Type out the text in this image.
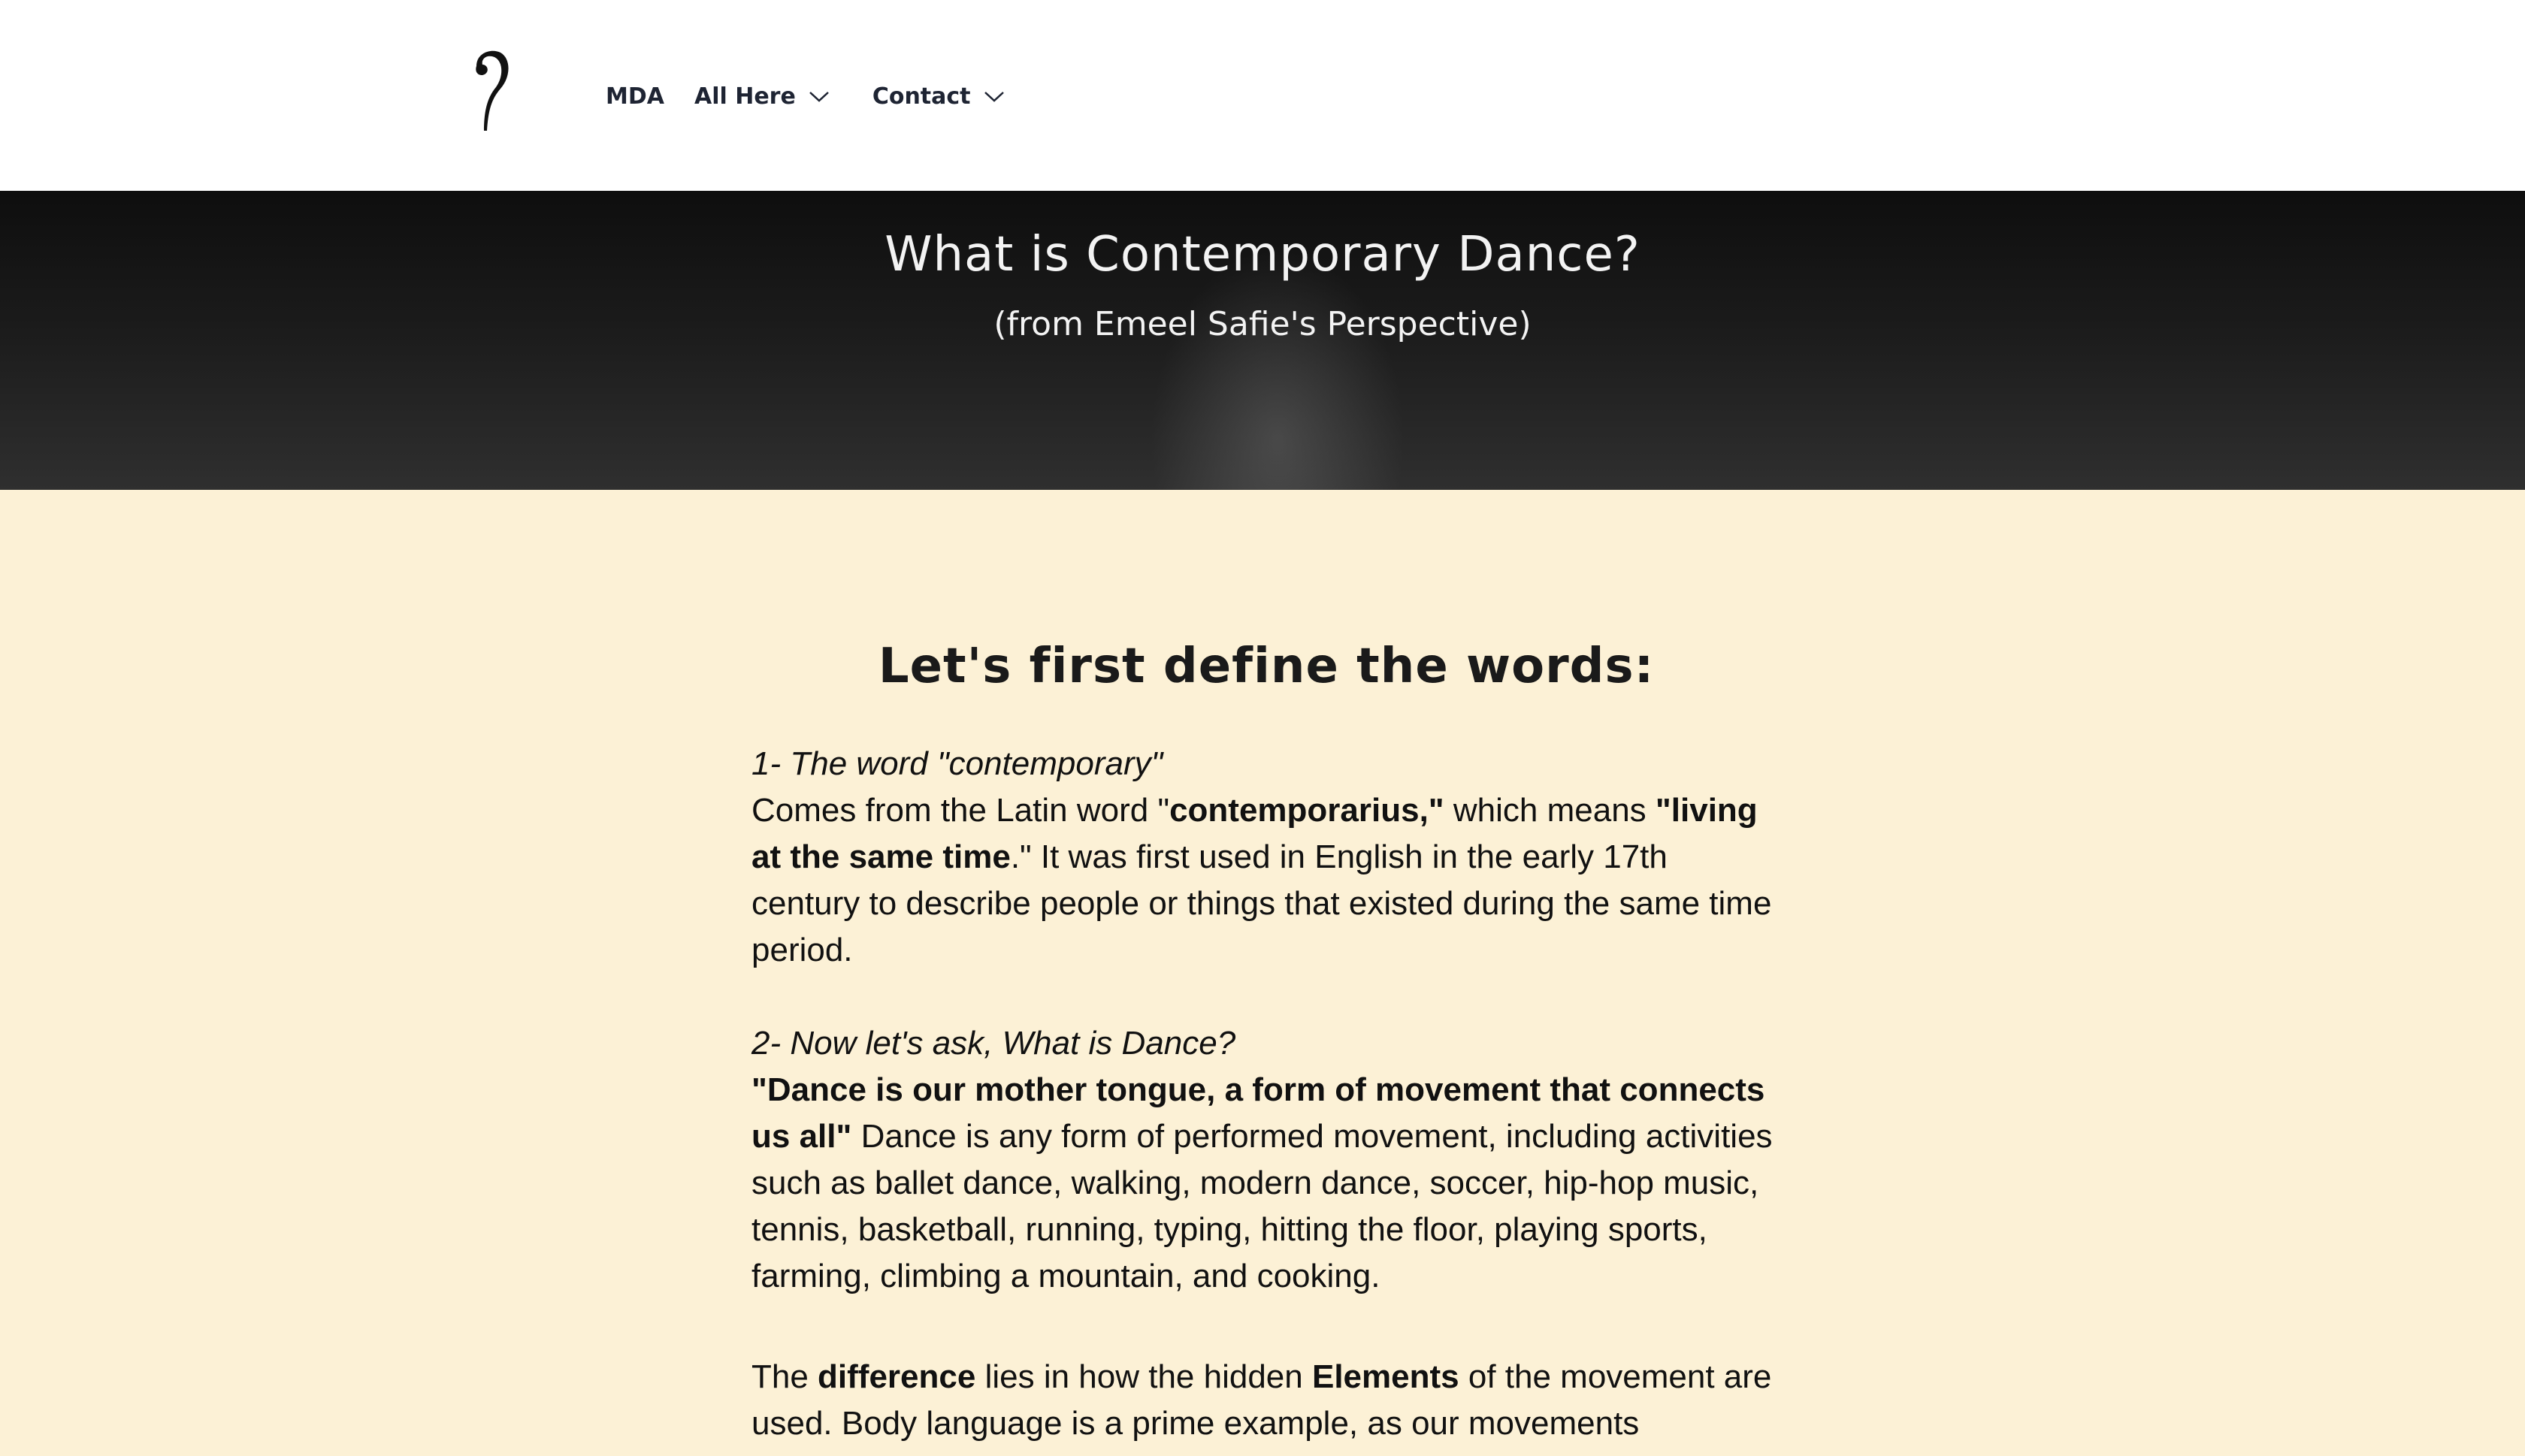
MDA All Here	Contact
What is Contemporary Dance?
(from Emeel Safie's Perspective)
Let's first define the words:

1- The word "contemporary"

Comes from the Latin word "contemporarius," which means "living at the same time." It was first used in English in the early 17th century to describe people or things that existed during the same time period.

2- Now let's ask, What is Dance?

"Dance is our mother tongue, a form of movement that connects us all" Dance is any form of performed movement, including activities such as ballet dance, walking, modern dance, soccer, hip-hop music, tennis, basketball, running, typing, hitting the floor, playing sports, farming, climbing a mountain, and cooking.

The difference lies in how the hidden Elements of the movement are used. Body language is a prime example, as our movements
